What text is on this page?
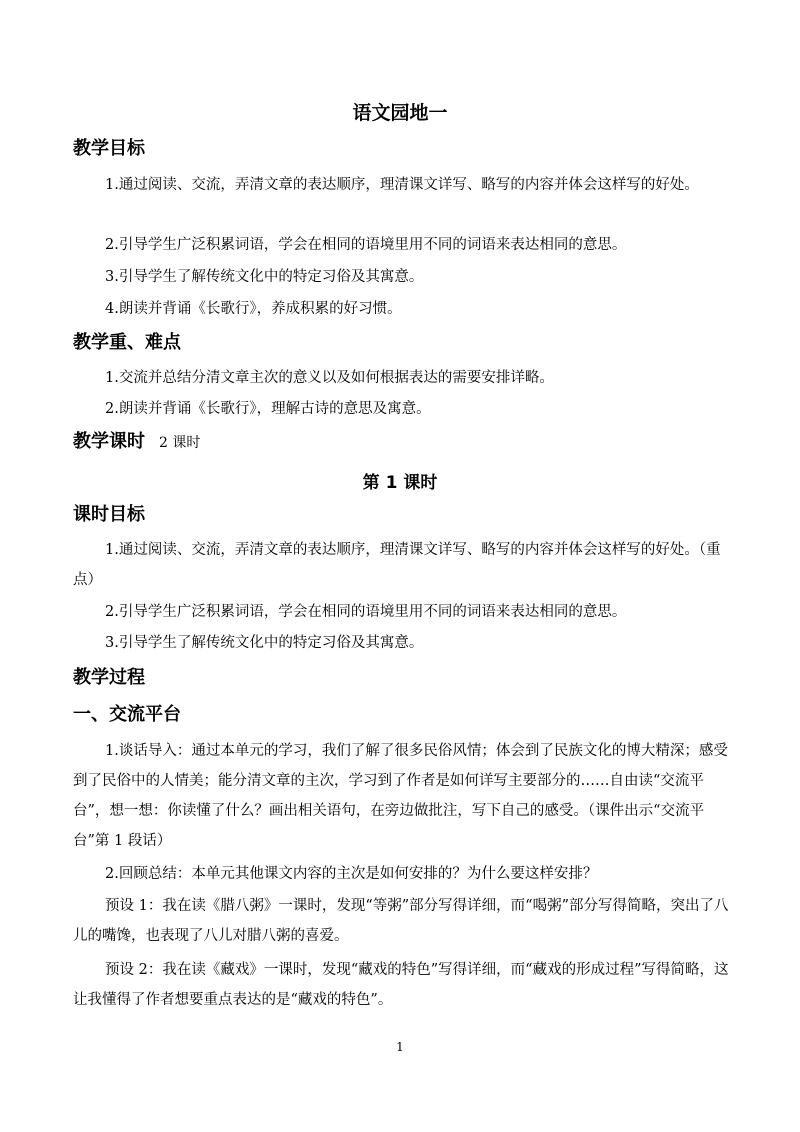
语文园地一
教学目标

1.通过阅读、交流，弄清文章的表达顺序，理清课文详写、略写的内容并体会这样写的好处。

2.引导学生广泛积累词语，学会在相同的语境里用不同的词语来表达相同的意思。

3.引导学生了解传统文化中的特定习俗及其寓意。

4.朗读并背诵《长歌行》，养成积累的好习惯。

教学重、难点

1.交流并总结分清文章主次的意义以及如何根据表达的需要安排详略。

2.朗读并背诵《长歌行》，理解古诗的意思及寓意。

教学课时 2 课时
第 1 课时
课时目标

1.通过阅读、交流，弄清文章的表达顺序，理清课文详写、略写的内容并体会这样写的好处。（重点）

2.引导学生广泛积累词语，学会在相同的语境里用不同的词语来表达相同的意思。

3.引导学生了解传统文化中的特定习俗及其寓意。

教学过程
一、交流平台

1.谈话导入：通过本单元的学习，我们了解了很多民俗风情；体会到了民族文化的博大精深；感受到了民俗中的人情美；能分清文章的主次，学习到了作者是如何详写主要部分的……自由读“交流平台”，想一想：你读懂了什么？画出相关语句，在旁边做批注，写下自己的感受。（课件出示“交流平台”第 1 段话）

2.回顾总结：本单元其他课文内容的主次是如何安排的？为什么要这样安排？

预设 1：我在读《腊八粥》一课时，发现“等粥”部分写得详细，而“喝粥”部分写得简略，突出了八儿的嘴馋，也表现了八儿对腊八粥的喜爱。

预设 2：我在读《藏戏》一课时，发现“藏戏的特色”写得详细，而“藏戏的形成过程”写得简略，这让我懂得了作者想要重点表达的是“藏戏的特色”。

1
